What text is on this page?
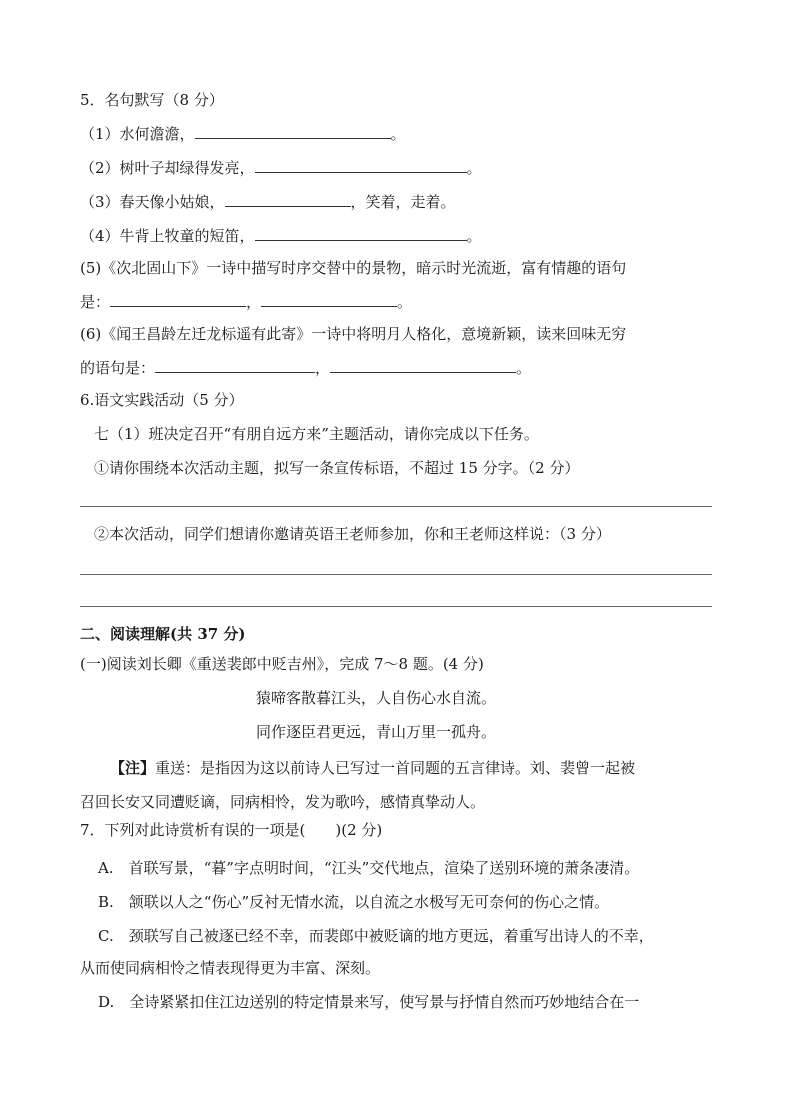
5．名句默写（8 分）
（1）水何澹澹，	。
（2）树叶子却绿得发亮，	。
（3）春天像小姑娘，	，笑着，走着。
（4）牛背上牧童的短笛，	。
(5)《次北固山下》一诗中描写时序交替中的景物，暗示时光流逝，富有情趣的语句
是：	，	。
(6)《闻王昌龄左迁龙标遥有此寄》一诗中将明月人格化，意境新颖，读来回味无穷
的语句是：	，	。
6.语文实践活动（5 分）
七（1）班决定召开“有朋自远方来”主题活动，请你完成以下任务。
①请你围绕本次活动主题，拟写一条宣传标语，不超过 15 分字。（2 分）
②本次活动，同学们想请你邀请英语王老师参加，你和王老师这样说：（3 分）
二、阅读理解(共 37 分)
(一)阅读刘长卿《重送裴郎中贬吉州》，完成 7～8 题。(4 分)
猿啼客散暮江头，人自伤心水自流。
同作逐臣君更远，青山万里一孤舟。
【注】重送：是指因为这以前诗人已写过一首同题的五言律诗。刘、裴曾一起被
召回长安又同遭贬谪，同病相怜，发为歌吟，感情真挚动人。
7．下列对此诗赏析有误的一项是(　　)(2 分)
A.　首联写景，“暮”字点明时间，“江头”交代地点，渲染了送别环境的萧条凄清。
B.　颔联以人之“伤心”反衬无情水流，以自流之水极写无可奈何的伤心之情。
C.　颈联写自己被逐已经不幸，而裴郎中被贬谪的地方更远，着重写出诗人的不幸，
从而使同病相怜之情表现得更为丰富、深刻。
D.　全诗紧紧扣住江边送别的特定情景来写，使写景与抒情自然而巧妙地结合在一
